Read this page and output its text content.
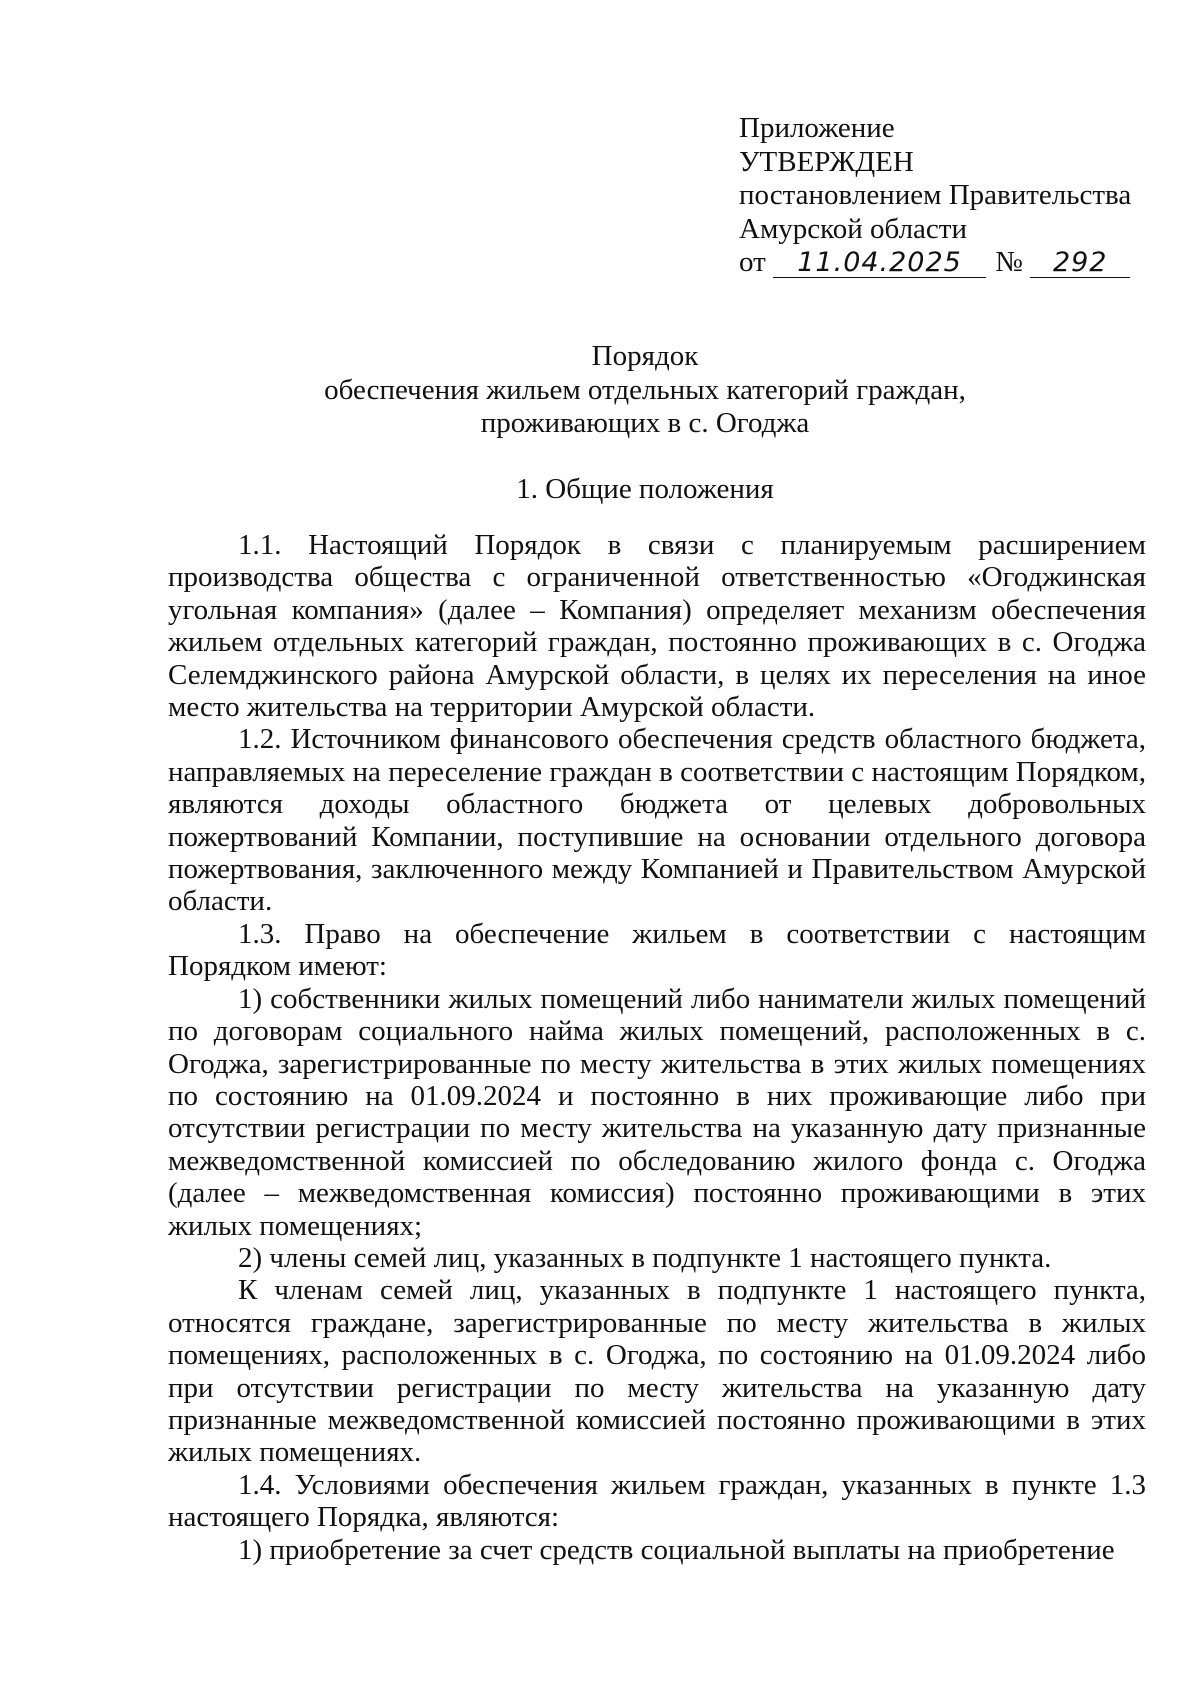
Приложение
УТВЕРЖДЕН
постановлением Правительства
Амурской области
от 11.04.2025 № 292
Порядок
обеспечения жильем отдельных категорий граждан,
проживающих в с. Огоджа
1. Общие положения

1.1. Настоящий Порядок в связи с планируемым расширением производства общества с ограниченной ответственностью «Огоджинская угольная компания» (далее – Компания) определяет механизм обеспечения жильем отдельных категорий граждан, постоянно проживающих в с. Огоджа Селемджинского района Амурской области, в целях их переселения на иное место жительства на территории Амурской области.

1.2. Источником финансового обеспечения средств областного бюджета, направляемых на переселение граждан в соответствии с настоящим Порядком, являются доходы областного бюджета от целевых добровольных пожертвований Компании, поступившие на основании отдельного договора пожертвования, заключенного между Компанией и Правительством Амурской области.

1.3. Право на обеспечение жильем в соответствии с настоящим Порядком имеют:

1) собственники жилых помещений либо наниматели жилых помещений по договорам социального найма жилых помещений, расположенных в с. Огоджа, зарегистрированные по месту жительства в этих жилых помещениях по состоянию на 01.09.2024 и постоянно в них проживающие либо при отсутствии регистрации по месту жительства на указанную дату признанные межведомственной комиссией по обследованию жилого фонда с. Огоджа (далее – межведомственная комиссия) постоянно проживающими в этих жилых помещениях;

2) члены семей лиц, указанных в подпункте 1 настоящего пункта.

К членам семей лиц, указанных в подпункте 1 настоящего пункта, относятся граждане, зарегистрированные по месту жительства в жилых помещениях, расположенных в с. Огоджа, по состоянию на 01.09.2024 либо при отсутствии регистрации по месту жительства на указанную дату признанные межведомственной комиссией постоянно проживающими в этих жилых помещениях.

1.4. Условиями обеспечения жильем граждан, указанных в пункте 1.3 настоящего Порядка, являются:

1) приобретение за счет средств социальной выплаты на приобретение
